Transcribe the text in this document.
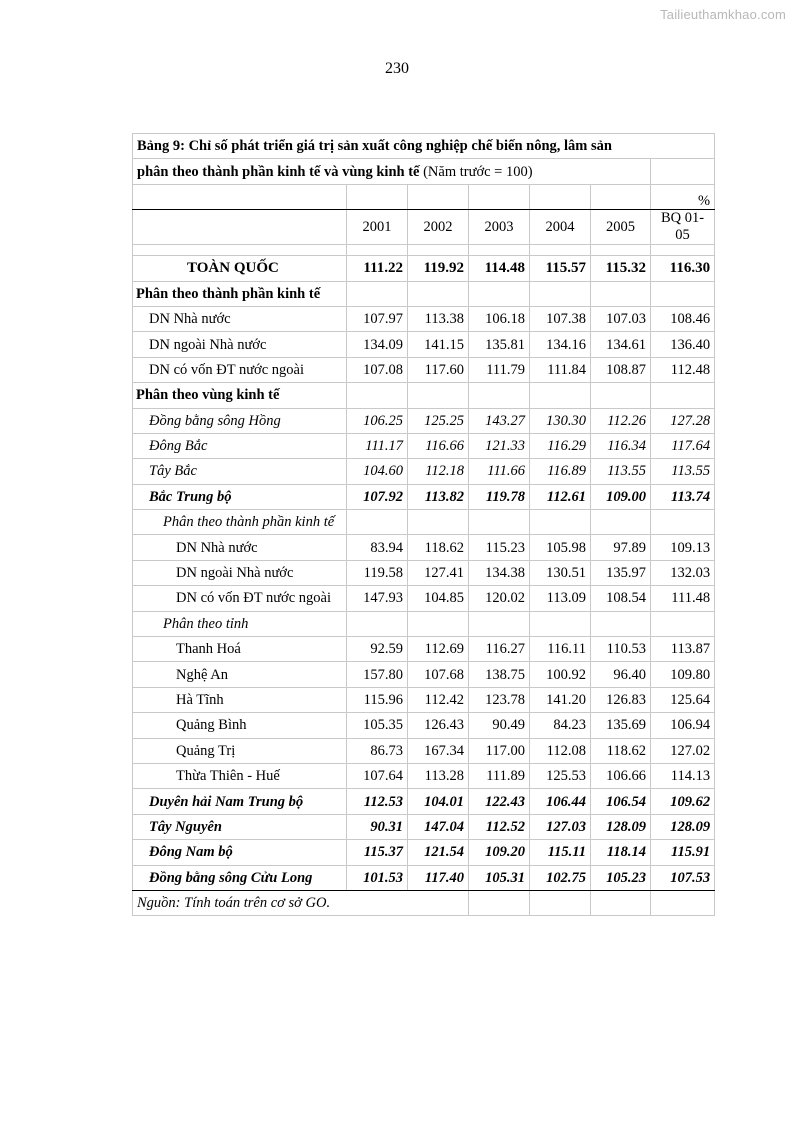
Tailieuthamkhao.com
230
Bảng 9: Chỉ số phát triển giá trị sản xuất công nghiệp chế biến nông, lâm sản						
phân theo thành phần kinh tế và vùng kinh tế (Năm trước = 100)						
						%
	2001	2002	2003	2004	2005	BQ 01-
05

TOÀN QUỐC	111.22	119.92	114.48	115.57	115.32	116.30
Phân theo thành phần kinh tế						
DN Nhà nước	107.97	113.38	106.18	107.38	107.03	108.46
DN ngoài Nhà nước	134.09	141.15	135.81	134.16	134.61	136.40
DN có vốn ĐT nước ngoài	107.08	117.60	111.79	111.84	108.87	112.48
Phân theo vùng kinh tế						
Đồng bằng sông Hồng	106.25	125.25	143.27	130.30	112.26	127.28
Đông Bắc	111.17	116.66	121.33	116.29	116.34	117.64
Tây Bắc	104.60	112.18	111.66	116.89	113.55	113.55
Bắc Trung bộ	107.92	113.82	119.78	112.61	109.00	113.74
Phân theo thành phần kinh tế						
DN Nhà nước	83.94	118.62	115.23	105.98	97.89	109.13
DN ngoài Nhà nước	119.58	127.41	134.38	130.51	135.97	132.03
DN có vốn ĐT nước ngoài	147.93	104.85	120.02	113.09	108.54	111.48
Phân theo tỉnh						
Thanh Hoá	92.59	112.69	116.27	116.11	110.53	113.87
Nghệ An	157.80	107.68	138.75	100.92	96.40	109.80
Hà Tĩnh	115.96	112.42	123.78	141.20	126.83	125.64
Quảng Bình	105.35	126.43	90.49	84.23	135.69	106.94
Quảng Trị	86.73	167.34	117.00	112.08	118.62	127.02
Thừa Thiên - Huế	107.64	113.28	111.89	125.53	106.66	114.13
Duyên hải Nam Trung bộ	112.53	104.01	122.43	106.44	106.54	109.62
Tây Nguyên	90.31	147.04	112.52	127.03	128.09	128.09
Đông Nam bộ	115.37	121.54	109.20	115.11	118.14	115.91
Đồng bằng sông Cửu Long	101.53	117.40	105.31	102.75	105.23	107.53
Nguồn: Tính toán trên cơ sở GO.						
